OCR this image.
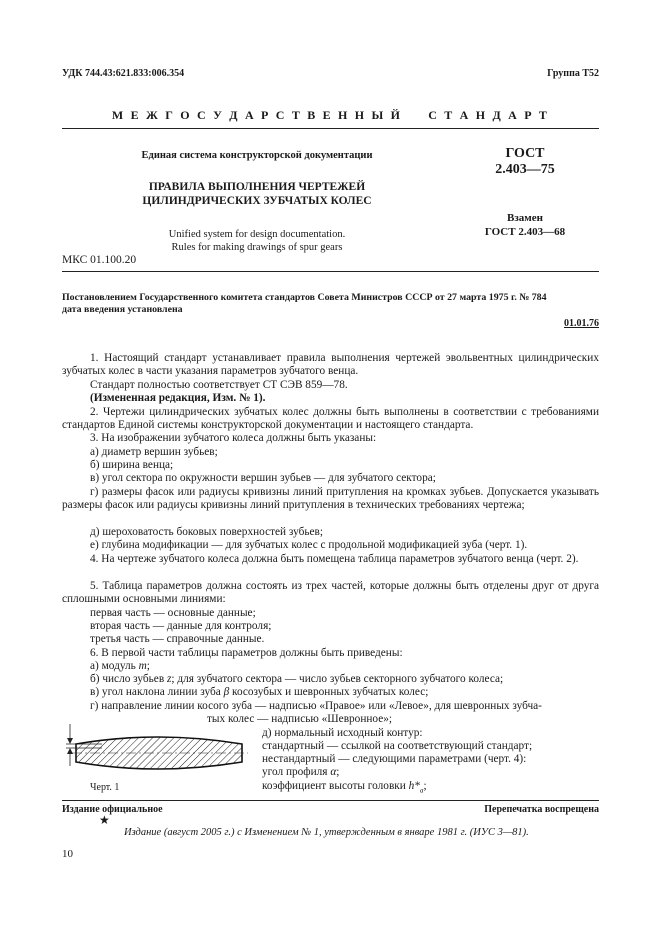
УДК 744.43:621.833:006.354	Группа Т52
М Е Ж Г О С У Д А Р С Т В Е Н Н Ы Й     С Т А Н Д А Р Т
Единая система конструкторской документации
ПРАВИЛА ВЫПОЛНЕНИЯ ЧЕРТЕЖЕЙ
ЦИЛИНДРИЧЕСКИХ ЗУБЧАТЫХ КОЛЕС
Unified system for design documentation.
Rules for making drawings of spur gears
ГОСТ
2.403—75
Взамен
ГОСТ 2.403—68
МКС 01.100.20
Постановлением Государственного комитета стандартов Совета Министров СССР от 27 марта 1975 г. № 784
дата введения установлена
01.01.76
1. Настоящий стандарт устанавливает правила выполнения чертежей эвольвентных цилиндрических зубчатых колес в части указания параметров зубчатого венца.
Стандарт полностью соответствует СТ СЭВ 859—78.
(Измененная редакция, Изм. № 1).
2. Чертежи цилиндрических зубчатых колес должны быть выполнены в соответствии с требованиями стандартов Единой системы конструкторской документации и настоящего стандарта.
3. На изображении зубчатого колеса должны быть указаны:
а) диаметр вершин зубьев;
б) ширина венца;
в) угол сектора по окружности вершин зубьев — для зубчатого сектора;
г) размеры фасок или радиусы кривизны линий притупления на кромках зубьев. Допускается указывать размеры фасок или радиусы кривизны линий притупления в технических требованиях чертежа;
д) шероховатость боковых поверхностей зубьев;
е) глубина модификации — для зубчатых колес с продольной модификацией зуба (черт. 1).
4. На чертеже зубчатого колеса должна быть помещена таблица параметров зубчатого венца (черт. 2).
5. Таблица параметров должна состоять из трех частей, которые должны быть отделены друг от друга сплошными основными линиями:
первая часть — основные данные;
вторая часть — данные для контроля;
третья часть — справочные данные.
6. В первой части таблицы параметров должны быть приведены:
а) модуль m;
б) число зубьев z; для зубчатого сектора — число зубьев секторного зубчатого колеса;
в) угол наклона линии зуба β косозубых и шевронных зубчатых колес;
г) направление линии косого зуба — надписью «Правое» или «Левое», для шевронных зубча-
тых колес — надписью «Шевронное»;
д) нормальный исходный контур:
стандартный — ссылкой на соответствующий стандарт;
нестандартный — следующими параметрами (черт. 4):
угол профиля α;
коэффициент высоты головки $h*_a$;
Черт. 1
Издание официальное	Перепечатка воспрещена
★
Издание (август 2005 г.) с Изменением № 1, утвержденным в январе 1981 г. (ИУС 3—81).
10
